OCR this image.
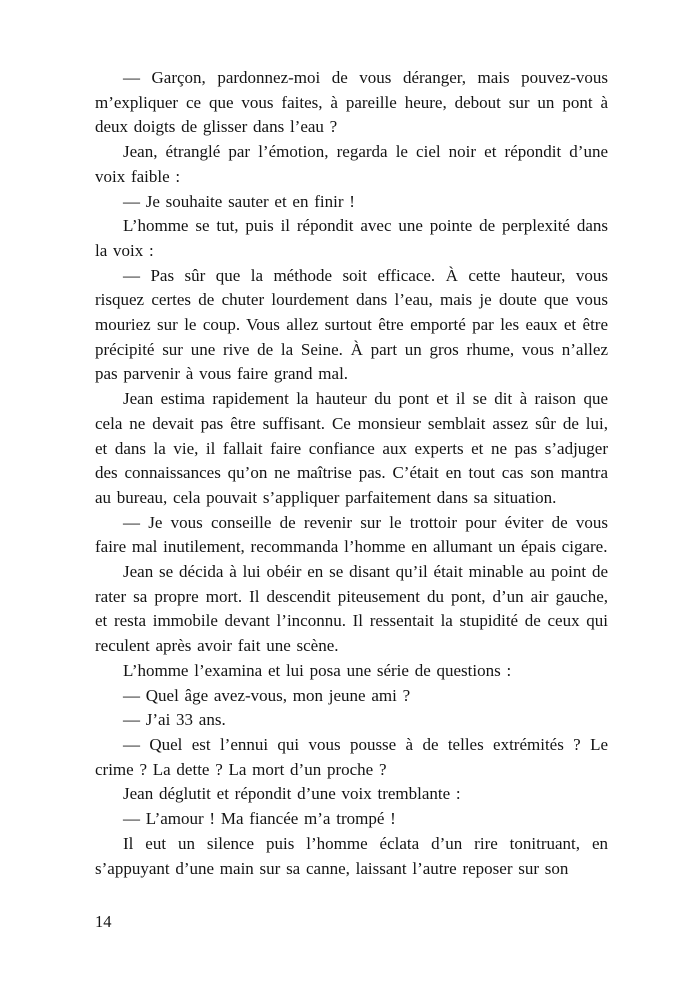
— Garçon, pardonnez-moi de vous déranger, mais pouvez-vous m’expliquer ce que vous faites, à pareille heure, debout sur un pont à deux doigts de glisser dans l’eau ?

Jean, étranglé par l’émotion, regarda le ciel noir et répondit d’une voix faible :

— Je souhaite sauter et en finir !

L’homme se tut, puis il répondit avec une pointe de perplexité dans la voix :

— Pas sûr que la méthode soit efficace. À cette hauteur, vous risquez certes de chuter lourdement dans l’eau, mais je doute que vous mouriez sur le coup. Vous allez surtout être emporté par les eaux et être précipité sur une rive de la Seine. À part un gros rhume, vous n’allez pas parvenir à vous faire grand mal.

Jean estima rapidement la hauteur du pont et il se dit à raison que cela ne devait pas être suffisant. Ce monsieur semblait assez sûr de lui, et dans la vie, il fallait faire confiance aux experts et ne pas s’adjuger des connaissances qu’on ne maîtrise pas. C’était en tout cas son mantra au bureau, cela pouvait s’appliquer parfaitement dans sa situation.

— Je vous conseille de revenir sur le trottoir pour éviter de vous faire mal inutilement, recommanda l’homme en allumant un épais cigare.

Jean se décida à lui obéir en se disant qu’il était minable au point de rater sa propre mort. Il descendit piteusement du pont, d’un air gauche, et resta immobile devant l’inconnu. Il ressentait la stupidité de ceux qui reculent après avoir fait une scène.

L’homme l’examina et lui posa une série de questions :

— Quel âge avez-vous, mon jeune ami ?

— J’ai 33 ans.

— Quel est l’ennui qui vous pousse à de telles extrémités ? Le crime ? La dette ? La mort d’un proche ?

Jean déglutit et répondit d’une voix tremblante :

— L’amour ! Ma fiancée m’a trompé !

Il eut un silence puis l’homme éclata d’un rire tonitruant, en s’appuyant d’une main sur sa canne, laissant l’autre reposer sur son

14
